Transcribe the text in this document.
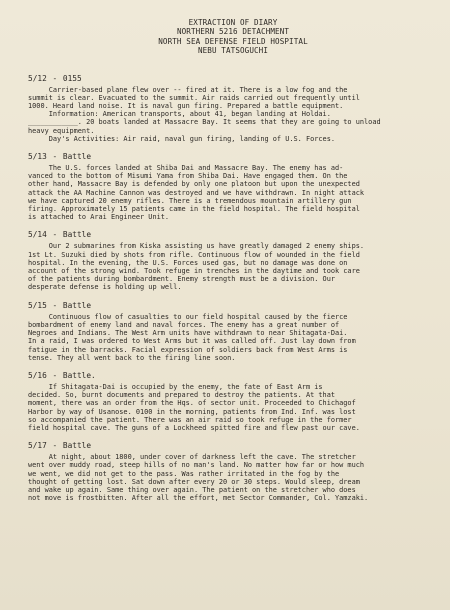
EXTRACTION OF DIARY
NORTHERN 5216 DETACHMENT
NORTH SEA DEFENSE FIELD HOSPITAL
NEBU TATSOGUCHI
5/12 - 0155
Carrier-based plane flew over -- fired at it. There is a low fog and the
summit is clear. Evacuated to the summit. Air raids carried out frequently until
1000. Heard land noise. It is naval gun firing. Prepared a battle equipment.
Information: American transports, about 41, began landing at Holdai.
____________. 20 boats landed at Massacre Bay. It seems that they are going to unload
heavy equipment.
Day's Activities: Air raid, naval gun firing, landing of U.S. Forces.
5/13 - Battle
The U.S. forces landed at Shiba Dai and Massacre Bay. The enemy has ad-
vanced to the bottom of Misumi Yama from Shiba Dai. Have engaged them. On the
other hand, Massacre Bay is defended by only one platoon but upon the unexpected
attack the AA Machine Cannon was destroyed and we have withdrawn. In night attack
we have captured 20 enemy rifles. There is a tremendous mountain artillery gun
firing. Approximately 15 patients came in the field hospital. The field hospital
is attached to Arai Engineer Unit.
5/14 - Battle
Our 2 submarines from Kiska assisting us have greatly damaged 2 enemy ships.
1st Lt. Suzuki died by shots from rifle. Continuous flow of wounded in the field
hospital. In the evening, the U.S. Forces used gas, but no damage was done on
account of the strong wind. Took refuge in trenches in the daytime and took care
of the patients during bombardment. Enemy strength must be a division. Our
desperate defense is holding up well.
5/15 - Battle
Continuous flow of casualties to our field hospital caused by the fierce
bombardment of enemy land and naval forces. The enemy has a great number of
Negroes and Indians. The West Arm units have withdrawn to near Shitagata-Dai.
In a raid, I was ordered to West Arms but it was called off. Just lay down from
fatigue in the barracks. Facial expression of soldiers back from West Arms is
tense. They all went back to the firing line soon.
5/16 - Battle.
If Shitagata-Dai is occupied by the enemy, the fate of East Arm is
decided. So, burnt documents and prepared to destroy the patients. At that
moment, there was an order from the Hqs. of sector unit. Proceeded to Chichagof
Harbor by way of Usanose. 0100 in the morning, patients from Ind. Inf. was lost
so accompanied the patient. There was an air raid so took refuge in the former
field hospital cave. The guns of a Lockheed spitted fire and flew past our cave.
5/17 - Battle
At night, about 1800, under cover of darkness left the cave. The stretcher
went over muddy road, steep hills of no man's land. No matter how far or how much
we went, we did not get to the pass. Was rather irritated in the fog by the
thought of getting lost. Sat down after every 20 or 30 steps. Would sleep, dream
and wake up again. Same thing over again. The patient on the stretcher who does
not move is frostbitten. After all the effort, met Sector Commander, Col. Yamzaki.
